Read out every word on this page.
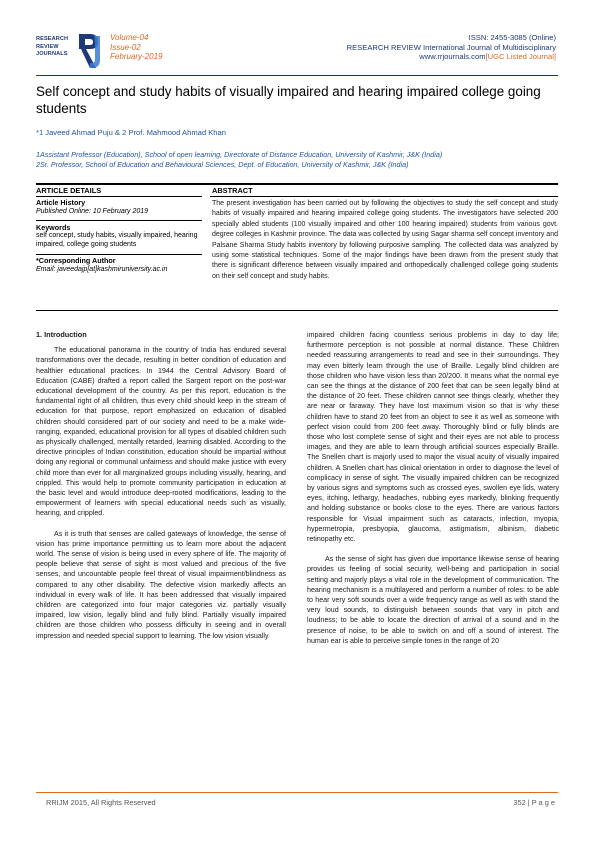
RESEARCH
REVIEW
JOURNALS
Volume-04
Issue-02
February-2019
ISSN: 2455-3085 (Online)
RESEARCH REVIEW International Journal of Multidisciplinary
www.rrjournals.com[UGC Listed Journal]
Self concept and study habits of visually impaired and hearing impaired college going students
*1 Javeed Ahmad Puju & 2 Prof. Mahmood Ahmad Khan
1Assistant Professor (Education), School of open learning, Directorate of Distance Education, University of Kashmir, J&K (India)
2Sr. Professor, School of Education and Behavioural Sciences, Dept. of Education, University of Kashmir, J&K (India)
ARTICLE DETAILS	ABSTRACT
Article History
Published Online: 10 February 2019
Keywords
self concept, study habits, visually impaired, hearing impaired, college going students
*Corresponding Author
Email: javeedajp[at]kashmiruniversity.ac.in
The present investigation has been carried out by following the objectives to study the self concept and study habits of visually impaired and hearing impaired college going students. The investigators have selected 200 specially abled students (100 visually impaired and other 100 hearing impaired) students from various govt. degree colleges in Kashmir province. The data was collected by using Sagar sharma self concept inventory and Palsane Sharma Study habits inventory by following purposive sampling. The collected data was analyzed by using some statistical techniques. Some of the major findings have been drawn from the present study that there is significant difference between visually impaired and orthopedically challenged college going students on their self concept and study habits.

1. Introduction

The educational panorama in the country of India has endured several transformations over the decade, resulting in better condition of education and healthier educational practices. In 1944 the Central Advisory Board of Education (CABE) drafted a report called the Sargent report on the post-war educational development of the country. As per this report, education is the fundamental right of all children, thus every child should keep in the stream of education for that purpose, report emphasized on education of disabled children should considered part of our society and need to be a make wide-ranging, expanded, educational provision for all types of disabled children such as physically challenged, mentally retarded, learning disabled. According to the directive principles of Indian constitution, education should be impartial without doing any regional or communal unfairness and should make justice with every child more than ever for all marginalized groups including visually, hearing, and crippled. This would help to promote community participation in education at the basic level and would introduce deep-rooted modifications, leading to the empowerment of learners with special educational needs such as visually, hearing, and crippled.

As it is truth that senses are called gateways of knowledge, the sense of vision has prime importance permitting us to learn more about the adjacent world. The sense of vision is being used in every sphere of life. The majority of people believe that sense of sight is most valued and precious of the five senses, and uncountable people feel threat of visual impairment/blindness as compared to any other disability. The defective vision markedly affects an individual in every walk of life. It has been addressed that visually impaired children are categorized into four major categories viz. partially visually impaired, low vision, legally blind and fully blind. Partially visually impaired children are those children who possess difficulty in seeing and in overall impression and needed special support to learning. The low vision visually

impaired children facing countless serious problems in day to day life; furthermore perception is not possible at normal distance. These Children needed reassuring arrangements to read and see in their surroundings. They may even bitterly learn through the use of Braille. Legally blind children are those children who have vision less than 20/200. It means what the normal eye can see the things at the distance of 200 feet that can be seen legally blind at the distance of 20 feet. These children cannot see things clearly, whether they are near or faraway. They have lost maximum vision so that is why these children have to stand 20 feet from an object to see it as well as someone with perfect vision could from 200 feet away. Thoroughly blind or fully blinds are those who lost complete sense of sight and their eyes are not able to process images, and they are able to learn through artificial sources especially Braille. The Snellen chart is majorly used to major the visual acuity of visually impaired children. A Snellen chart has clinical orientation in order to diagnose the level of complicacy in sense of sight. The visually impaired children can be recognized by various signs and symptoms such as crossed eyes, swollen eye lids, watery eyes, itching, lethargy, headaches, rubbing eyes markedly, blinking frequently and holding substance or books close to the eyes. There are various factors responsible for Visual impairment such as cataracts, infection, myopia, hypermetropia, presbyopia, glaucoma, astigmatism, albinism, diabetic retinopathy etc.

As the sense of sight has given due importance likewise sense of hearing provides us feeling of social security, well-being and participation in social setting and majorly plays a vital role in the development of communication. The hearing mechanism is a multilayered and perform a number of roles: to be able to hear very soft sounds over a wide frequency range as well as with stand the very loud sounds, to distinguish between sounds that vary in pitch and loudness; to be able to locate the direction of arrival of a sound and in the presence of noise, to be able to switch on and off a sound of interest. The human ear is able to perceive simple tones in the range of 20

RRIJM 2015, All Rights Reserved	352 | P a g e
